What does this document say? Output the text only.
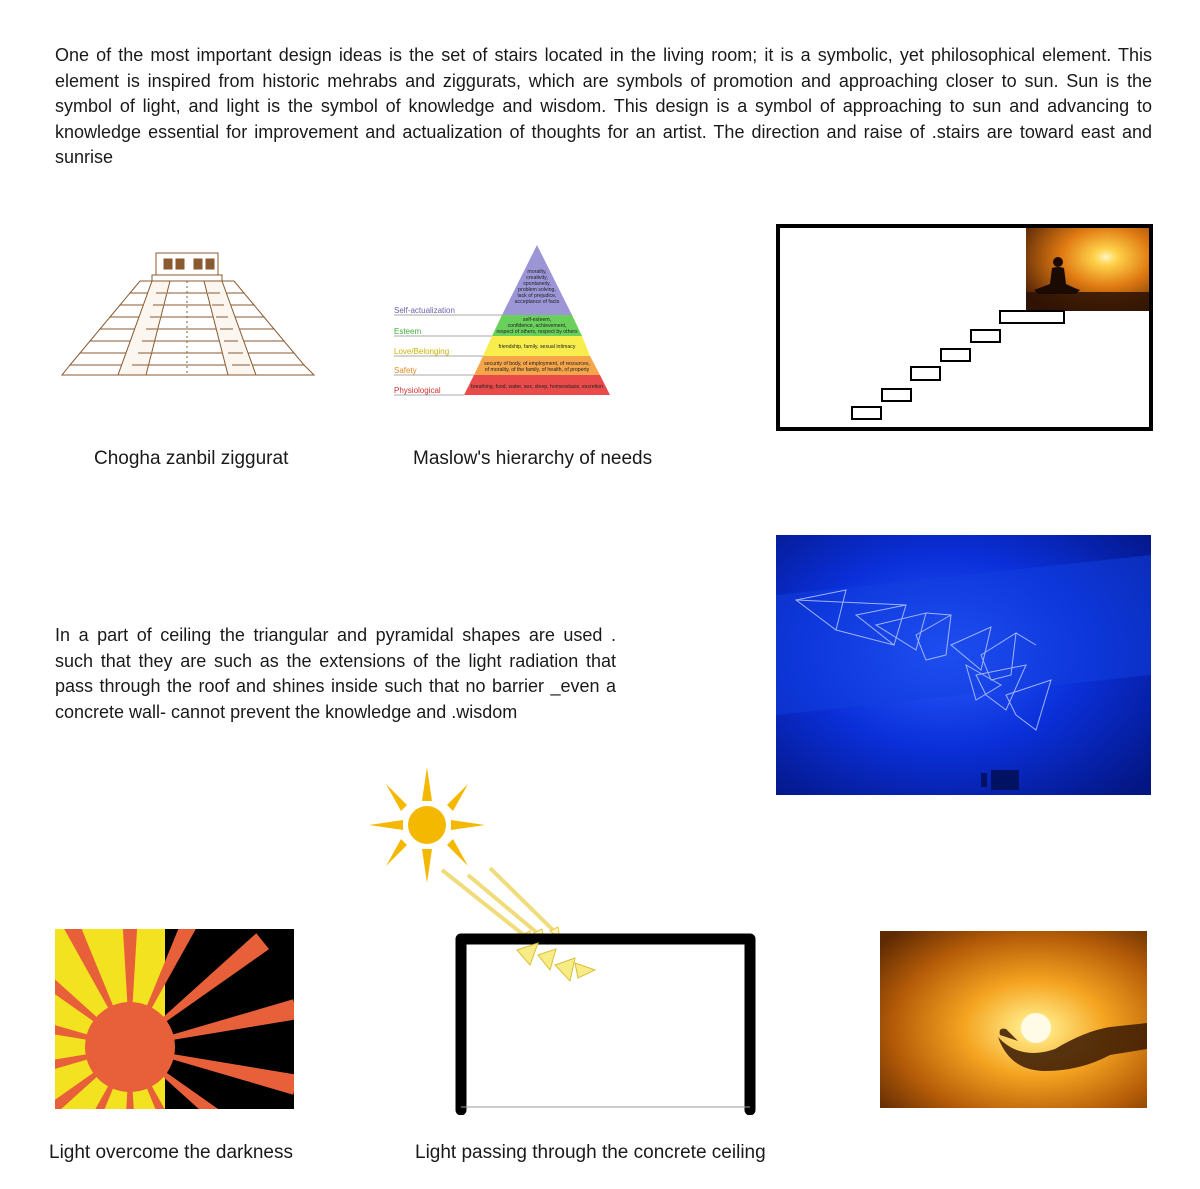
One of the most important design ideas is the set of stairs located in the living room; it is a symbolic, yet philosophical element. This element is inspired from historic mehrabs and ziggurats, which are symbols of promotion and approaching closer to sun. Sun is the symbol of light, and light is the symbol of knowledge and wisdom. This design is a symbol of approaching to sun and advancing to knowledge essential for improvement and actualization of thoughts for an artist. The direction and raise of .stairs are toward east and sunrise
Chogha zanbil ziggurat
Self-actualization
Esteem
Love/Belonging
Safety
Physiological
morality,
creativity,
spontaneity,
problem solving,
lack of prejudice,
acceptance of facts
self-esteem,
confidence, achievement,
respect of others, respect by others
friendship, family, sexual intimacy
security of body, of employment, of resources,
of morality, of the family, of health, of property
breathing, food, water, sex, sleep, homeostasis, excretion
Maslow's hierarchy of needs
In a part of ceiling the triangular and pyramidal shapes are used . such that they are such as the extensions of the light radiation that pass through the roof and shines inside such that no barrier _even a concrete wall- cannot prevent the knowledge and .wisdom
Light overcome the darkness	Light passing through the concrete ceiling
